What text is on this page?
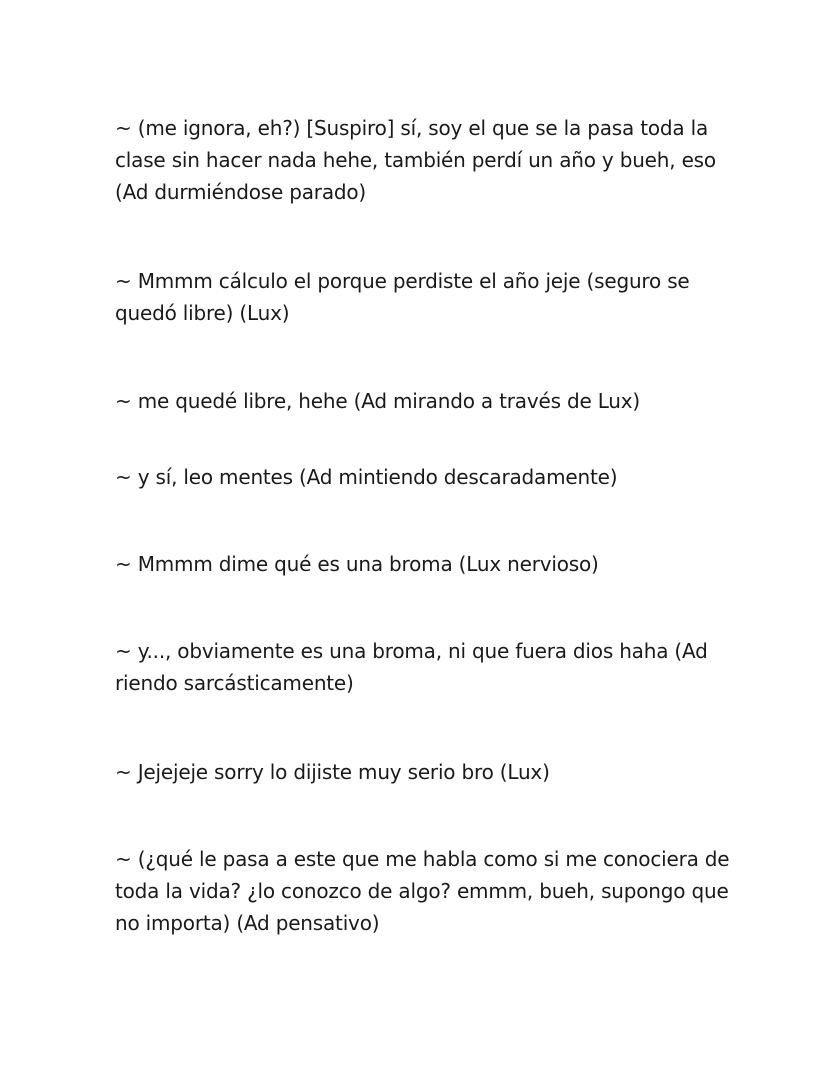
~ (me ignora, eh?) [Suspiro] sí, soy el que se la pasa toda la clase sin hacer nada hehe, también perdí un año y bueh, eso (Ad durmiéndose parado)
~ Mmmm cálculo el porque perdiste el año jeje (seguro se quedó libre) (Lux)
~ me quedé libre, hehe (Ad mirando a través de Lux)
~ y sí, leo mentes (Ad mintiendo descaradamente)
~ Mmmm dime qué es una broma (Lux nervioso)
~ y..., obviamente es una broma, ni que fuera dios haha (Ad riendo sarcásticamente)
~ Jejejeje sorry lo dijiste muy serio bro (Lux)
~ (¿qué le pasa a este que me habla como si me conociera de toda la vida? ¿lo conozco de algo? emmm, bueh, supongo que no importa) (Ad pensativo)
